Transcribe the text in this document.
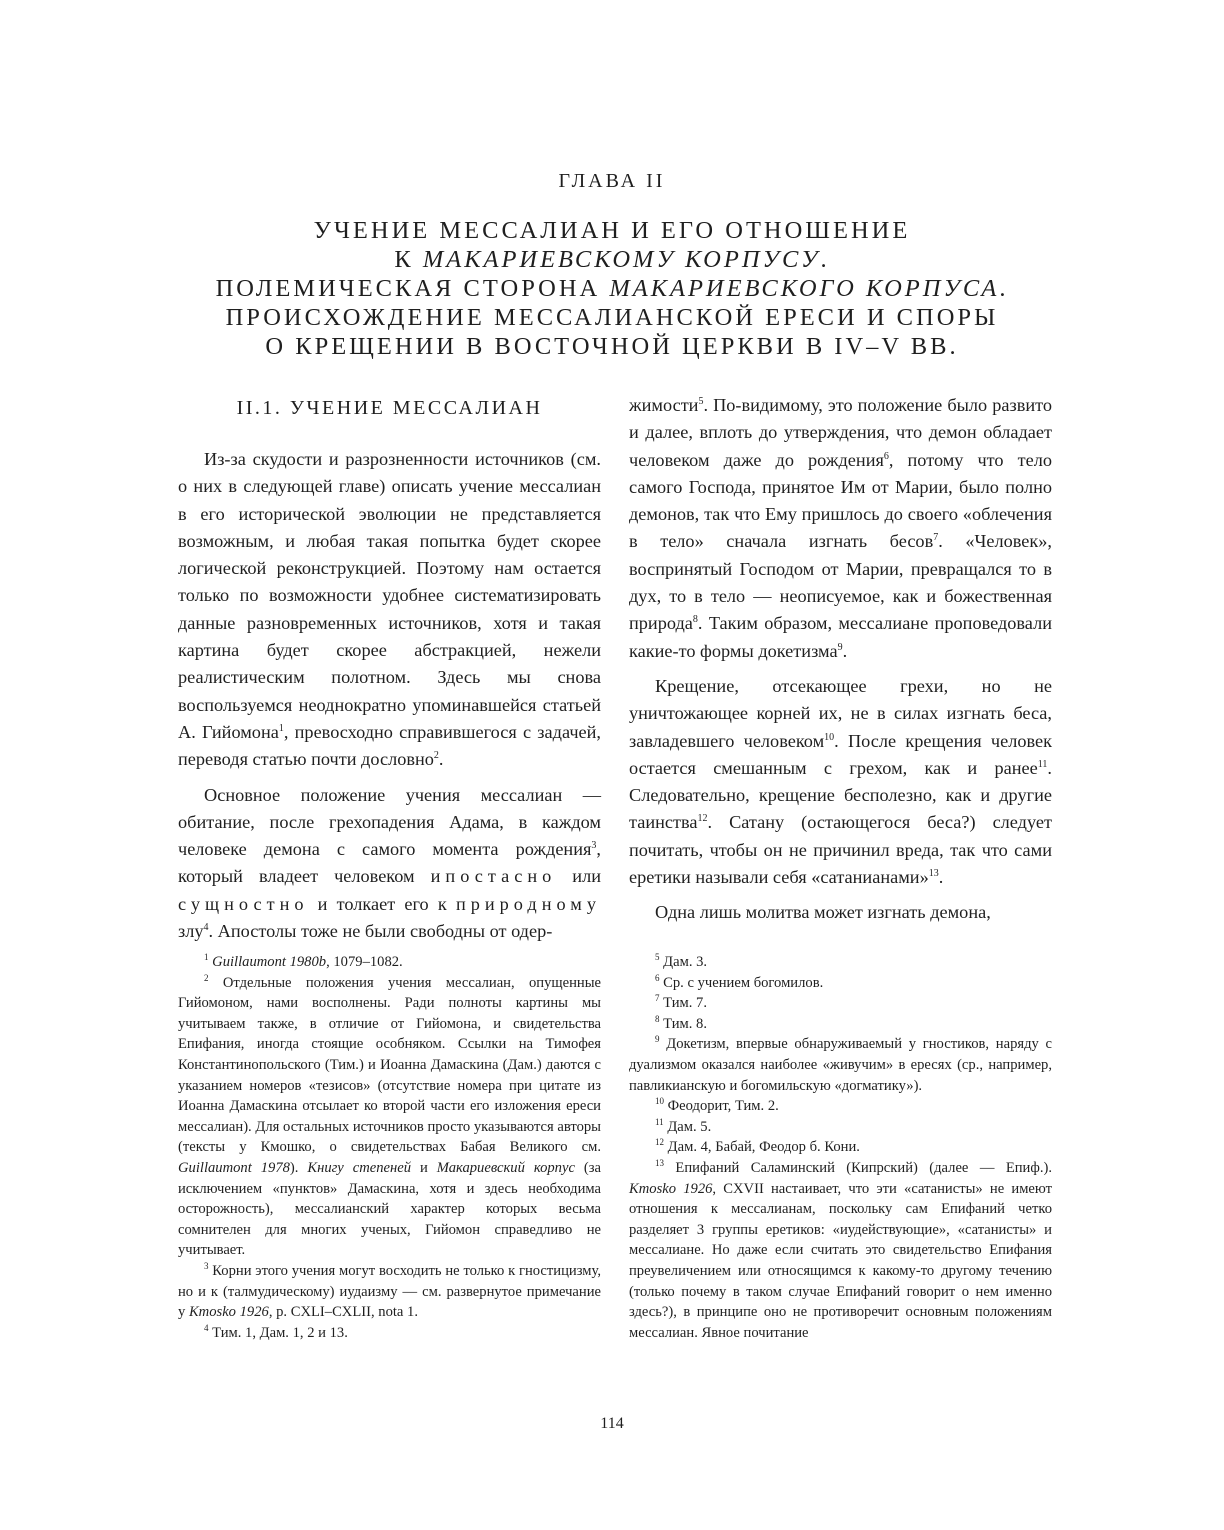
ГЛАВА II
УЧЕНИЕ МЕССАЛИАН И ЕГО ОТНОШЕНИЕ
К МАКАРИЕВСКОМУ КОРПУСУ.
ПОЛЕМИЧЕСКАЯ СТОРОНА МАКАРИЕВСКОГО КОРПУСА.
ПРОИСХОЖДЕНИЕ МЕССАЛИАНСКОЙ ЕРЕСИ И СПОРЫ
О КРЕЩЕНИИ В ВОСТОЧНОЙ ЦЕРКВИ В IV–V ВВ.
II.1. УЧЕНИЕ МЕССАЛИАН

Из-за скудости и разрозненности источников (см. о них в следующей главе) описать учение мессалиан в его исторической эволюции не представляется возможным, и любая такая попытка будет скорее логической реконструкцией. Поэтому нам остается только по возможности удобнее систематизировать данные разновременных источников, хотя и такая картина будет скорее абстракцией, нежели реалистическим полотном. Здесь мы снова воспользуемся неоднократно упоминавшейся статьей А. Гийомона$^1$, превосходно справившегося с задачей, переводя статью почти дословно$^2$.

Основное положение учения мессалиан — обитание, после грехопадения Адама, в каждом человеке демона с самого момента рождения$^3$, который владеет человеком ипостасно или сущностно и толкает его к природному злу$^4$. Апостолы тоже не были свободны от одер-

жимости$^5$. По-видимому, это положение было развито и далее, вплоть до утверждения, что демон обладает человеком даже до рождения$^6$, потому что тело самого Господа, принятое Им от Марии, было полно демонов, так что Ему пришлось до своего «облечения в тело» сначала изгнать бесов$^7$. «Человек», воспринятый Господом от Марии, превращался то в дух, то в тело — неописуемое, как и божественная природа$^8$. Таким образом, мессалиане проповедовали какие-то формы докетизма$^9$.

Крещение, отсекающее грехи, но не уничтожающее корней их, не в силах изгнать беса, завладевшего человеком$^{10}$. После крещения человек остается смешанным с грехом, как и ранее$^{11}$. Следовательно, крещение бесполезно, как и другие таинства$^{12}$. Сатану (остающегося беса?) следует почитать, чтобы он не причинил вреда, так что сами еретики называли себя «сатанианами»$^{13}$.

Одна лишь молитва может изгнать демона,

$^1$ Guillaumont 1980b, 1079–1082.

$^2$ Отдельные положения учения мессалиан, опущенные Гийомоном, нами восполнены. Ради полноты картины мы учитываем также, в отличие от Гийомона, и свидетельства Епифания, иногда стоящие особняком. Ссылки на Тимофея Константинопольского (Тим.) и Иоанна Дамаскина (Дам.) даются с указанием номеров «тезисов» (отсутствие номера при цитате из Иоанна Дамаскина отсылает ко второй части его изложения ереси мессалиан). Для остальных источников просто указываются авторы (тексты у Кмошко, о свидетельствах Бабая Великого см. Guillaumont 1978). Книгу степеней и Макариевский корпус (за исключением «пунктов» Дамаскина, хотя и здесь необходима осторожность), мессалианский характер которых весьма сомнителен для многих ученых, Гийомон справедливо не учитывает.

$^3$ Корни этого учения могут восходить не только к гностицизму, но и к (талмудическому) иудаизму — см. развернутое примечание у Kmosko 1926, p. CXLI–CXLII, nota 1.

$^4$ Тим. 1, Дам. 1, 2 и 13.

$^5$ Дам. 3.

$^6$ Ср. с учением богомилов.

$^7$ Тим. 7.

$^8$ Тим. 8.

$^9$ Докетизм, впервые обнаруживаемый у гностиков, наряду с дуализмом оказался наиболее «живучим» в ересях (ср., например, павликианскую и богомильскую «догматику»).

$^{10}$ Феодорит, Тим. 2.

$^{11}$ Дам. 5.

$^{12}$ Дам. 4, Бабай, Феодор б. Кони.

$^{13}$ Епифаний Саламинский (Кипрский) (далее — Епиф.). Kmosko 1926, CXVII настаивает, что эти «сатанисты» не имеют отношения к мессалианам, поскольку сам Епифаний четко разделяет 3 группы еретиков: «иудействующие», «сатанисты» и мессалиане. Но даже если считать это свидетельство Епифания преувеличением или относящимся к какому-то другому течению (только почему в таком случае Епифаний говорит о нем именно здесь?), в принципе оно не противоречит основным положениям мессалиан. Явное почитание

114
